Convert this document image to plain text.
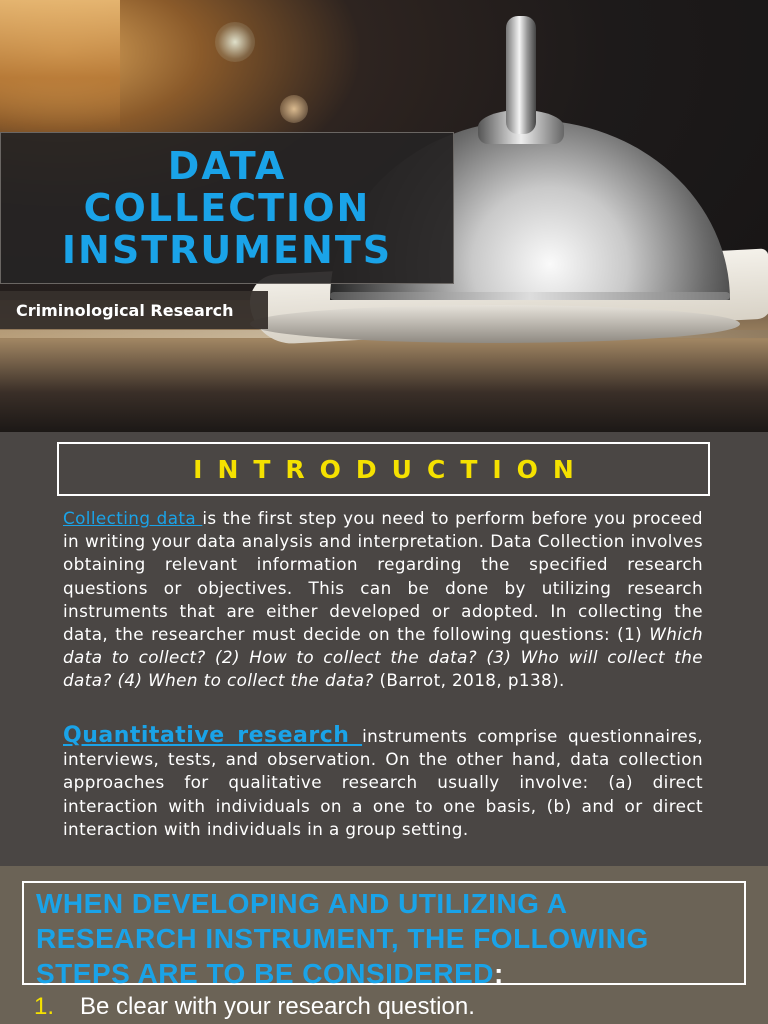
DATA COLLECTION INSTRUMENTS
Criminological Research
INTRODUCTION

Collecting data is the first step you need to perform before you proceed in writing your data analysis and interpretation. Data Collection involves obtaining relevant information regarding the specified research questions or objectives. This can be done by utilizing research instruments that are either developed or adopted. In collecting the data, the researcher must decide on the following questions: (1) Which data to collect? (2) How to collect the data? (3) Who will collect the data? (4) When to collect the data? (Barrot, 2018, p138).

Quantitative research instruments comprise questionnaires, interviews, tests, and observation. On the other hand, data collection approaches for qualitative research usually involve: (a) direct interaction with individuals on a one to one basis, (b) and or direct interaction with individuals in a group setting.

WHEN DEVELOPING AND UTILIZING A RESEARCH INSTRUMENT, THE FOLLOWING STEPS ARE TO BE CONSIDERED:
1.	Be clear with your research question.
